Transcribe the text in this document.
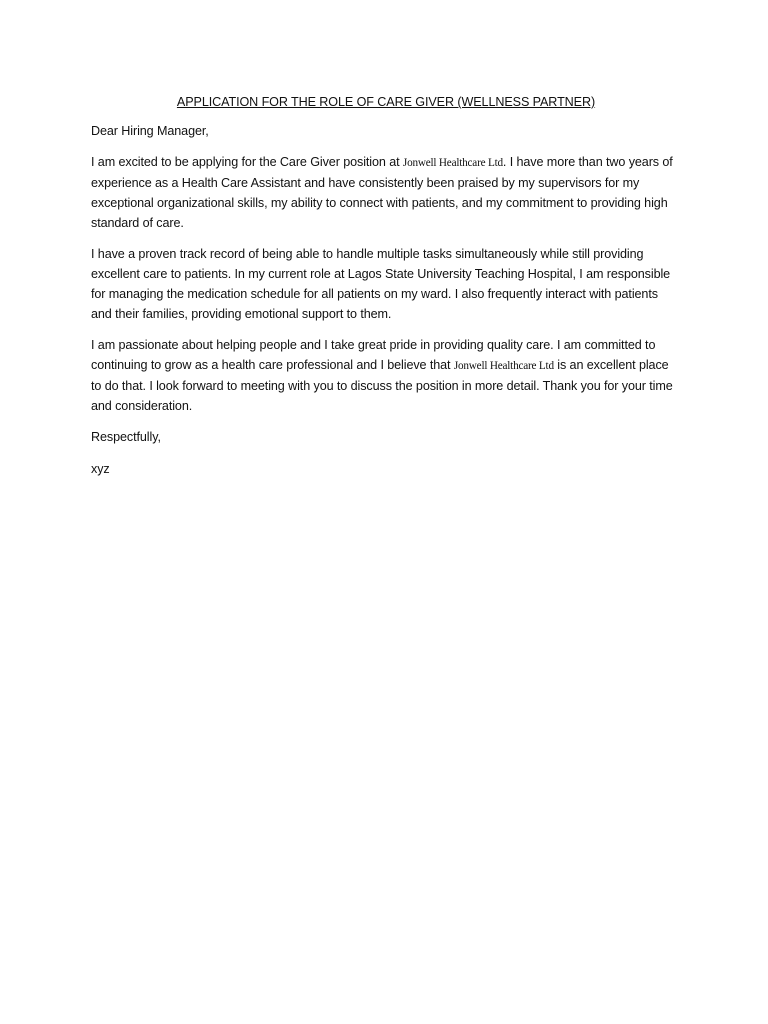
APPLICATION FOR THE ROLE OF CARE GIVER (WELLNESS PARTNER)

Dear Hiring Manager,

I am excited to be applying for the Care Giver position at Jonwell Healthcare Ltd. I have more than two years of experience as a Health Care Assistant and have consistently been praised by my supervisors for my exceptional organizational skills, my ability to connect with patients, and my commitment to providing high standard of care.

I have a proven track record of being able to handle multiple tasks simultaneously while still providing excellent care to patients. In my current role at Lagos State University Teaching Hospital, I am responsible for managing the medication schedule for all patients on my ward. I also frequently interact with patients and their families, providing emotional support to them.

I am passionate about helping people and I take great pride in providing quality care. I am committed to continuing to grow as a health care professional and I believe that Jonwell Healthcare Ltd is an excellent place to do that. I look forward to meeting with you to discuss the position in more detail. Thank you for your time and consideration.

Respectfully,

xyz
